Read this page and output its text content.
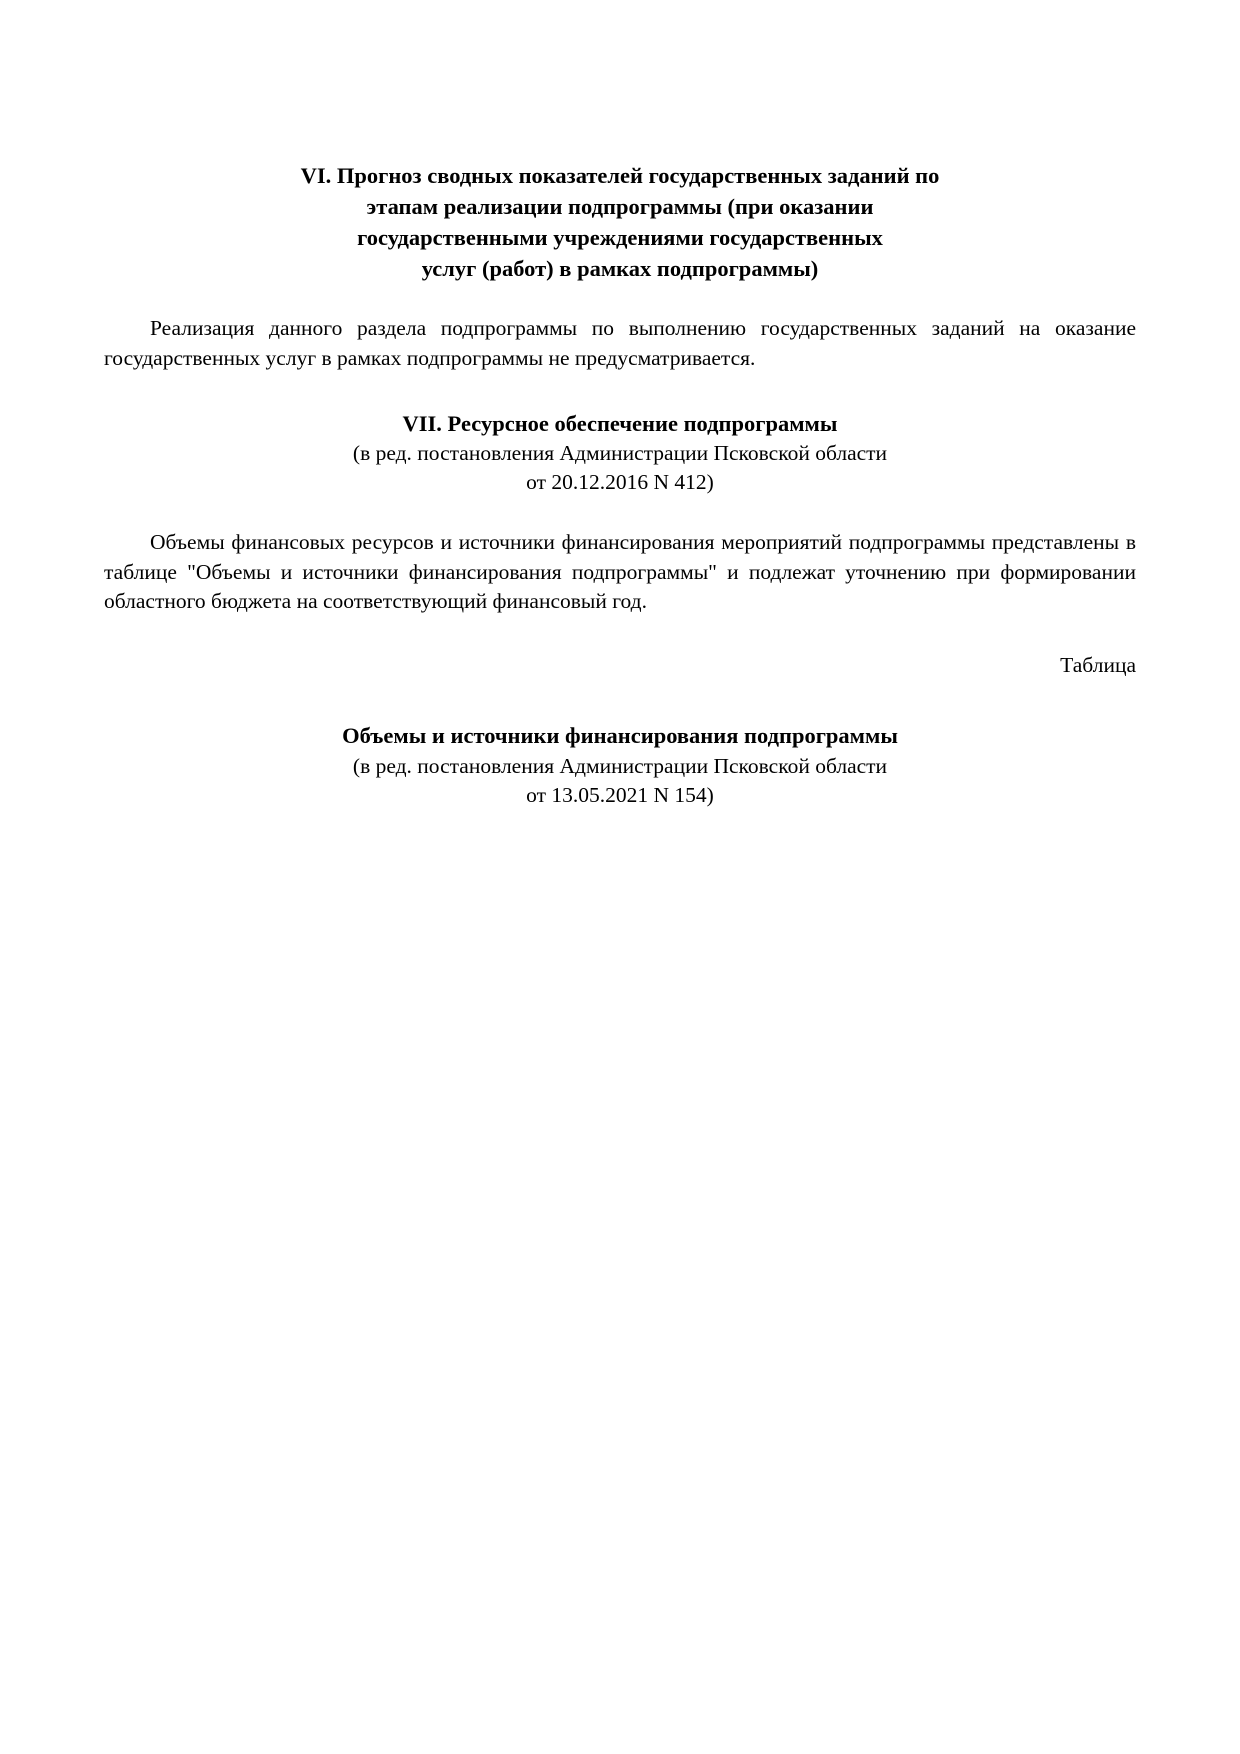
VI. Прогноз сводных показателей государственных заданий по
этапам реализации подпрограммы (при оказании
государственными учреждениями государственных
услуг (работ) в рамках подпрограммы)

Реализация данного раздела подпрограммы по выполнению государственных заданий на оказание государственных услуг в рамках подпрограммы не предусматривается.

VII. Ресурсное обеспечение подпрограммы
(в ред. постановления Администрации Псковской области
от 20.12.2016 N 412)

Объемы финансовых ресурсов и источники финансирования мероприятий подпрограммы представлены в таблице "Объемы и источники финансирования подпрограммы" и подлежат уточнению при формировании областного бюджета на соответствующий финансовый год.

Таблица
Объемы и источники финансирования подпрограммы
(в ред. постановления Администрации Псковской области
от 13.05.2021 N 154)
